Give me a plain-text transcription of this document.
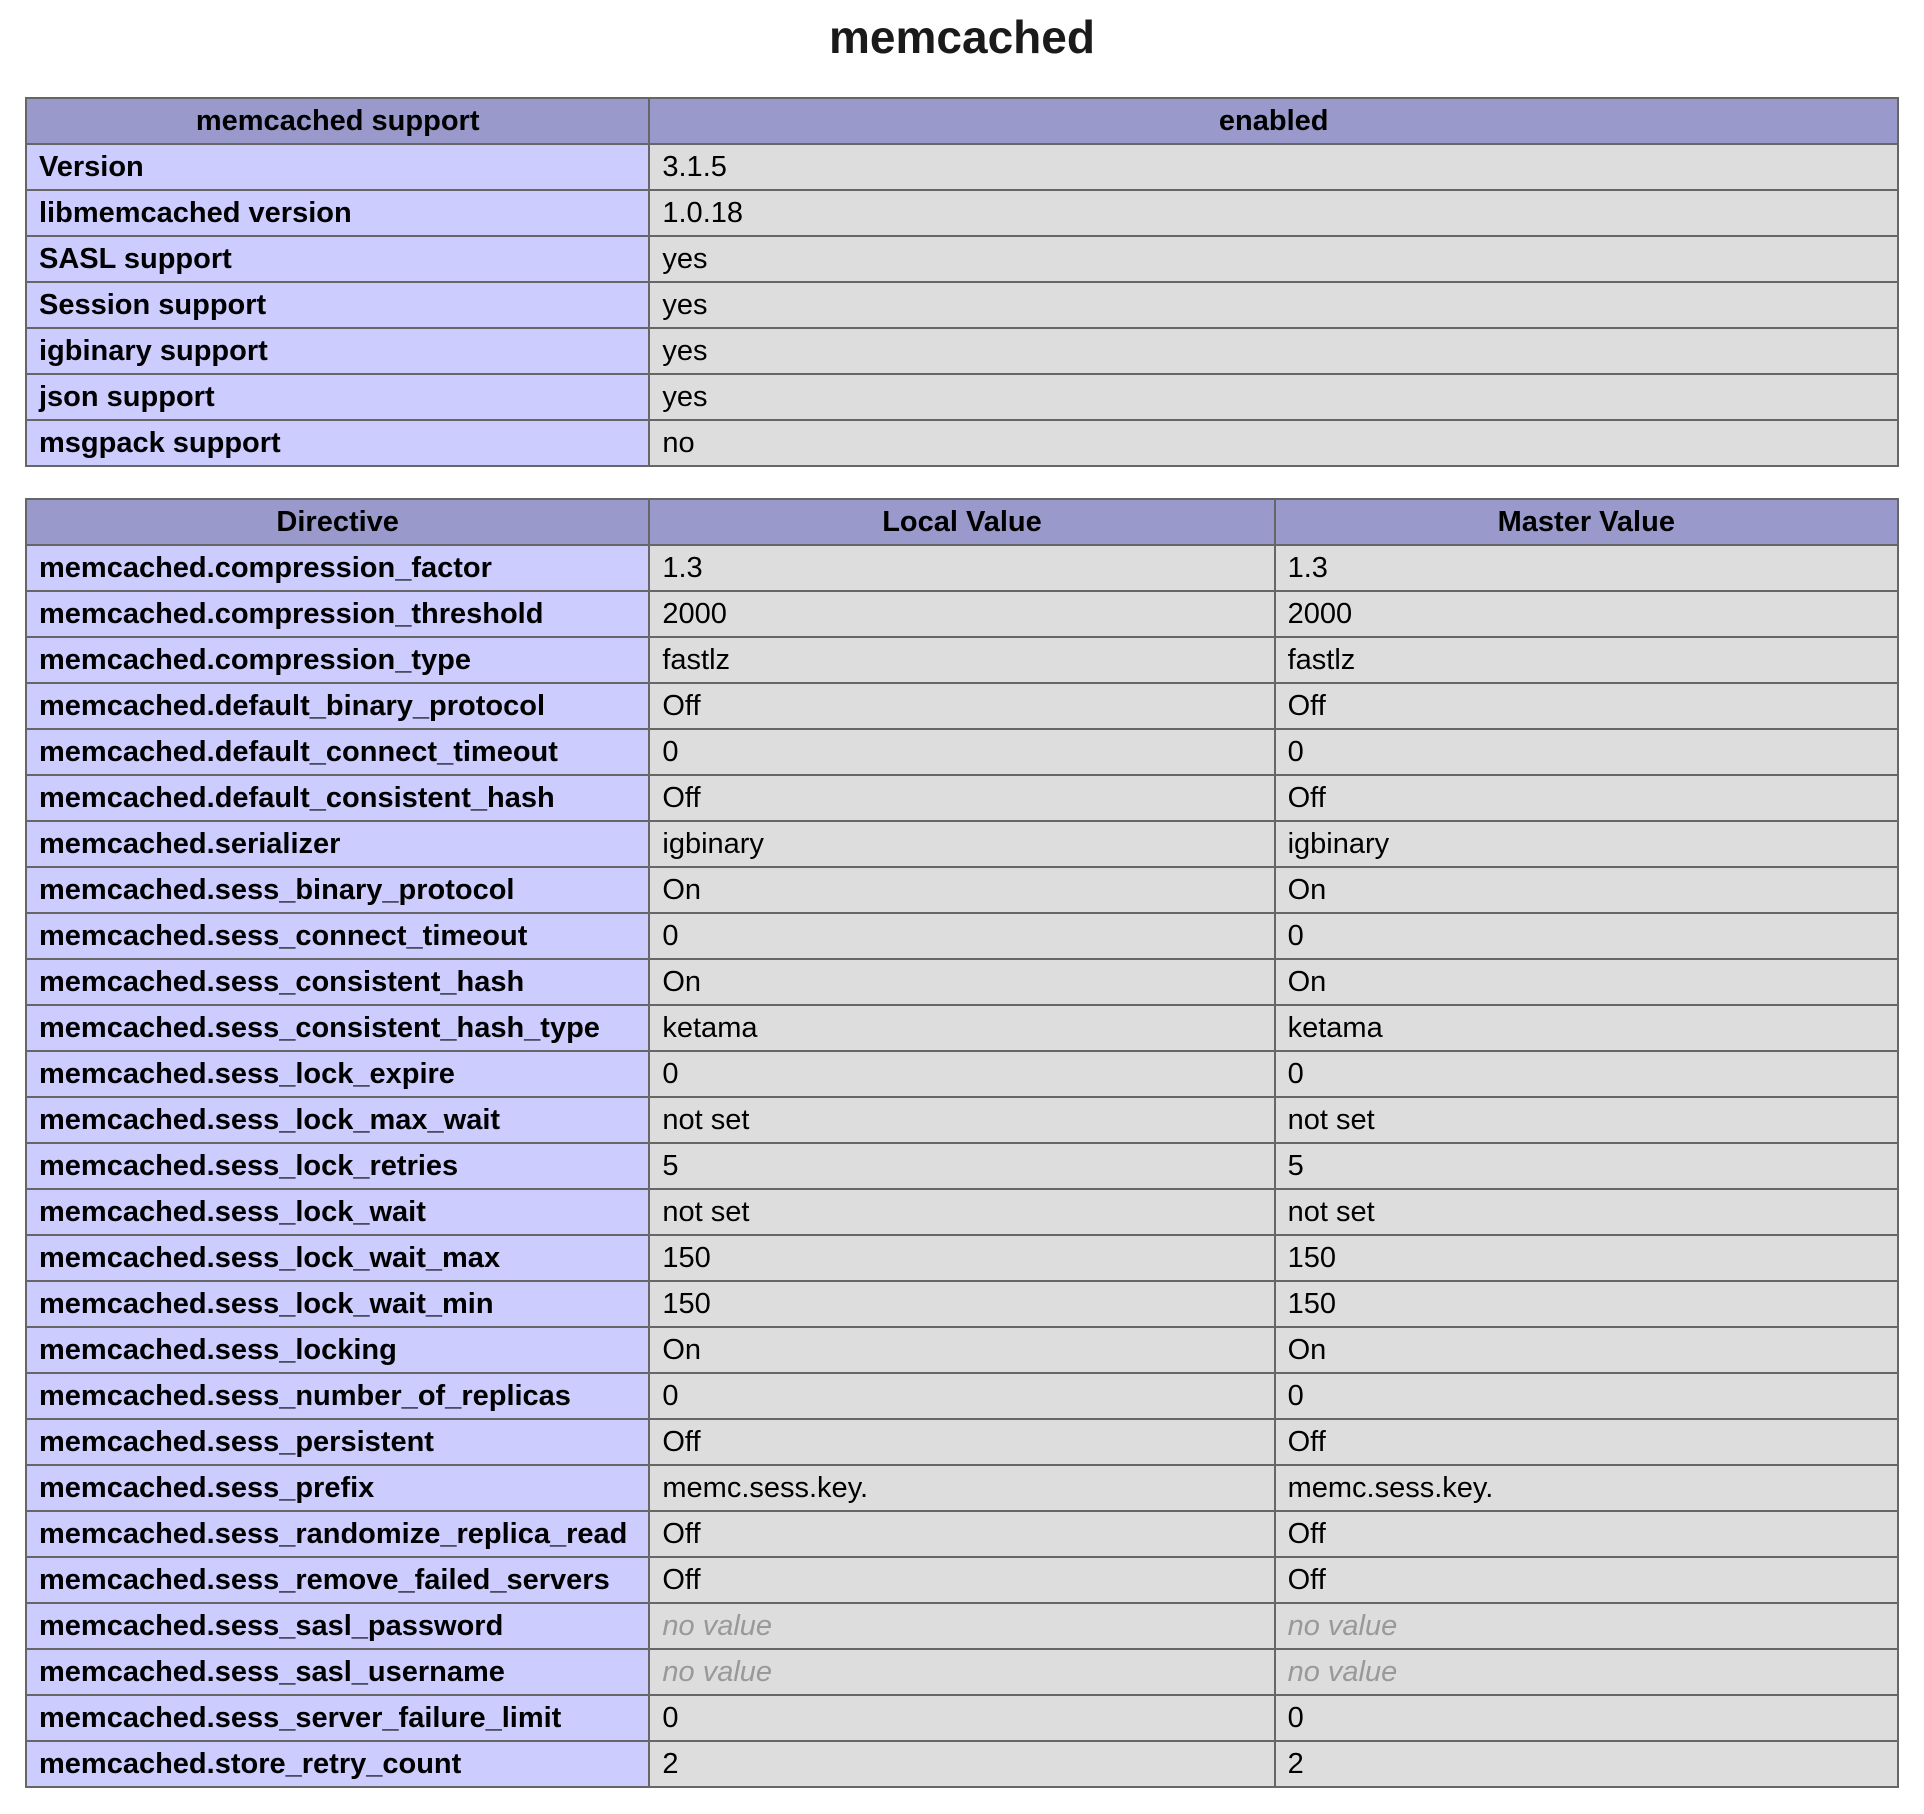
memcached
memcached support	enabled
Version	3.1.5
libmemcached version	1.0.18
SASL support	yes
Session support	yes
igbinary support	yes
json support	yes
msgpack support	no
Directive	Local Value	Master Value
memcached.compression_factor	1.3	1.3
memcached.compression_threshold	2000	2000
memcached.compression_type	fastlz	fastlz
memcached.default_binary_protocol	Off	Off
memcached.default_connect_timeout	0	0
memcached.default_consistent_hash	Off	Off
memcached.serializer	igbinary	igbinary
memcached.sess_binary_protocol	On	On
memcached.sess_connect_timeout	0	0
memcached.sess_consistent_hash	On	On
memcached.sess_consistent_hash_type	ketama	ketama
memcached.sess_lock_expire	0	0
memcached.sess_lock_max_wait	not set	not set
memcached.sess_lock_retries	5	5
memcached.sess_lock_wait	not set	not set
memcached.sess_lock_wait_max	150	150
memcached.sess_lock_wait_min	150	150
memcached.sess_locking	On	On
memcached.sess_number_of_replicas	0	0
memcached.sess_persistent	Off	Off
memcached.sess_prefix	memc.sess.key.	memc.sess.key.
memcached.sess_randomize_replica_read	Off	Off
memcached.sess_remove_failed_servers	Off	Off
memcached.sess_sasl_password	no value	no value
memcached.sess_sasl_username	no value	no value
memcached.sess_server_failure_limit	0	0
memcached.store_retry_count	2	2
